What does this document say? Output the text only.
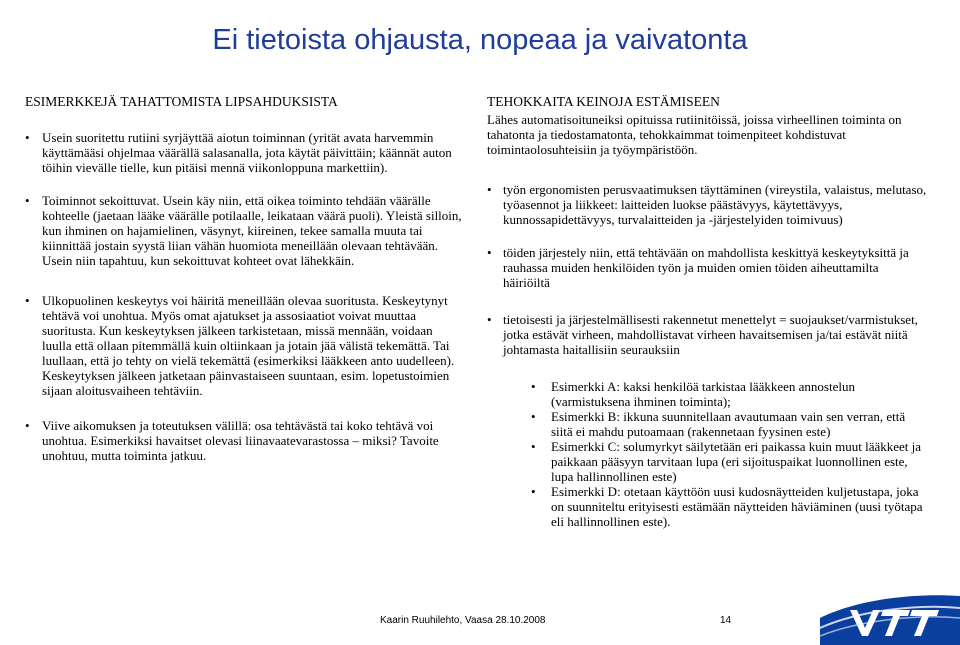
Ei tietoista ohjausta, nopeaa ja vaivatonta

ESIMERKKEJÄ TAHATTOMISTA LIPSAHDUKSISTA

• Usein suoritettu rutiini syrjäyttää aiotun toiminnan (yrität avata harvemmin käyttämääsi ohjelmaa väärällä salasanalla, jota käytät päivittäin; käännät auton töihin vievälle tielle, kun pitäisi mennä viikonloppuna markettiin).
• Toiminnot sekoittuvat. Usein käy niin, että oikea toiminto tehdään väärälle kohteelle (jaetaan lääke väärälle potilaalle, leikataan väärä puoli). Yleistä silloin, kun ihminen on hajamielinen, väsynyt, kiireinen, tekee samalla muuta tai kiinnittää jostain syystä liian vähän huomiota meneillään olevaan tehtävään. Usein niin tapahtuu, kun sekoittuvat kohteet ovat lähekkäin.
• Ulkopuolinen keskeytys voi häiritä meneillään olevaa suoritusta. Keskeytynyt tehtävä voi unohtua. Myös omat ajatukset ja assosiaatiot voivat muuttaa suoritusta. Kun keskeytyksen jälkeen tarkistetaan, missä mennään, voidaan luulla että ollaan pitemmällä kuin oltiinkaan ja jotain jää välistä tekemättä. Tai luullaan, että jo tehty on vielä tekemättä (esimerkiksi lääkkeen anto uudelleen). Keskeytyksen jälkeen jatketaan päinvastaiseen suuntaan, esim. lopetustoimien sijaan aloitusvaiheen tehtäviin.
• Viive aikomuksen ja toteutuksen välillä: osa tehtävästä tai koko tehtävä voi unohtua. Esimerkiksi havaitset olevasi liinavaatevarastossa – miksi? Tavoite unohtuu, mutta toiminta jatkuu.

TEHOKKAITA KEINOJA ESTÄMISEEN

Lähes automatisoituneiksi opituissa rutiinitöissä, joissa virheellinen toiminta on tahatonta ja tiedostamatonta, tehokkaimmat toimenpiteet kohdistuvat toimintaolosuhteisiin ja työympäristöön.

• työn ergonomisten perusvaatimuksen täyttäminen (vireystila, valaistus, melutaso, työasennot ja liikkeet: laitteiden luokse päästävyys, käytettävyys, kunnossapidettävyys, turvalaitteiden ja -järjestelyiden toimivuus)
• töiden järjestely niin, että tehtävään on mahdollista keskittyä keskeytyksittä ja rauhassa muiden henkilöiden työn ja muiden omien töiden aiheuttamilta häiriöiltä
• tietoisesti ja järjestelmällisesti rakennetut menettelyt = suojaukset/varmistukset, jotka estävät virheen, mahdollistavat virheen havaitsemisen ja/tai estävät niitä johtamasta haitallisiin seurauksiin
• Esimerkki A: kaksi henkilöä tarkistaa lääkkeen annostelun (varmistuksena ihminen toiminta);
• Esimerkki B: ikkuna suunnitellaan avautumaan vain sen verran, että siitä ei mahdu putoamaan (rakennetaan fyysinen este)
• Esimerkki C: solumyrkyt säilytetään eri paikassa kuin muut lääkkeet ja paikkaan pääsyyn tarvitaan lupa (eri sijoituspaikat luonnollinen este, lupa hallinnollinen este)
• Esimerkki D: otetaan käyttöön uusi kudosnäytteiden kuljetustapa, joka on suunniteltu erityisesti estämään näytteiden häviäminen (uusi työtapa eli hallinnollinen este).
Kaarin Ruuhilehto, Vaasa 28.10.2008	14
